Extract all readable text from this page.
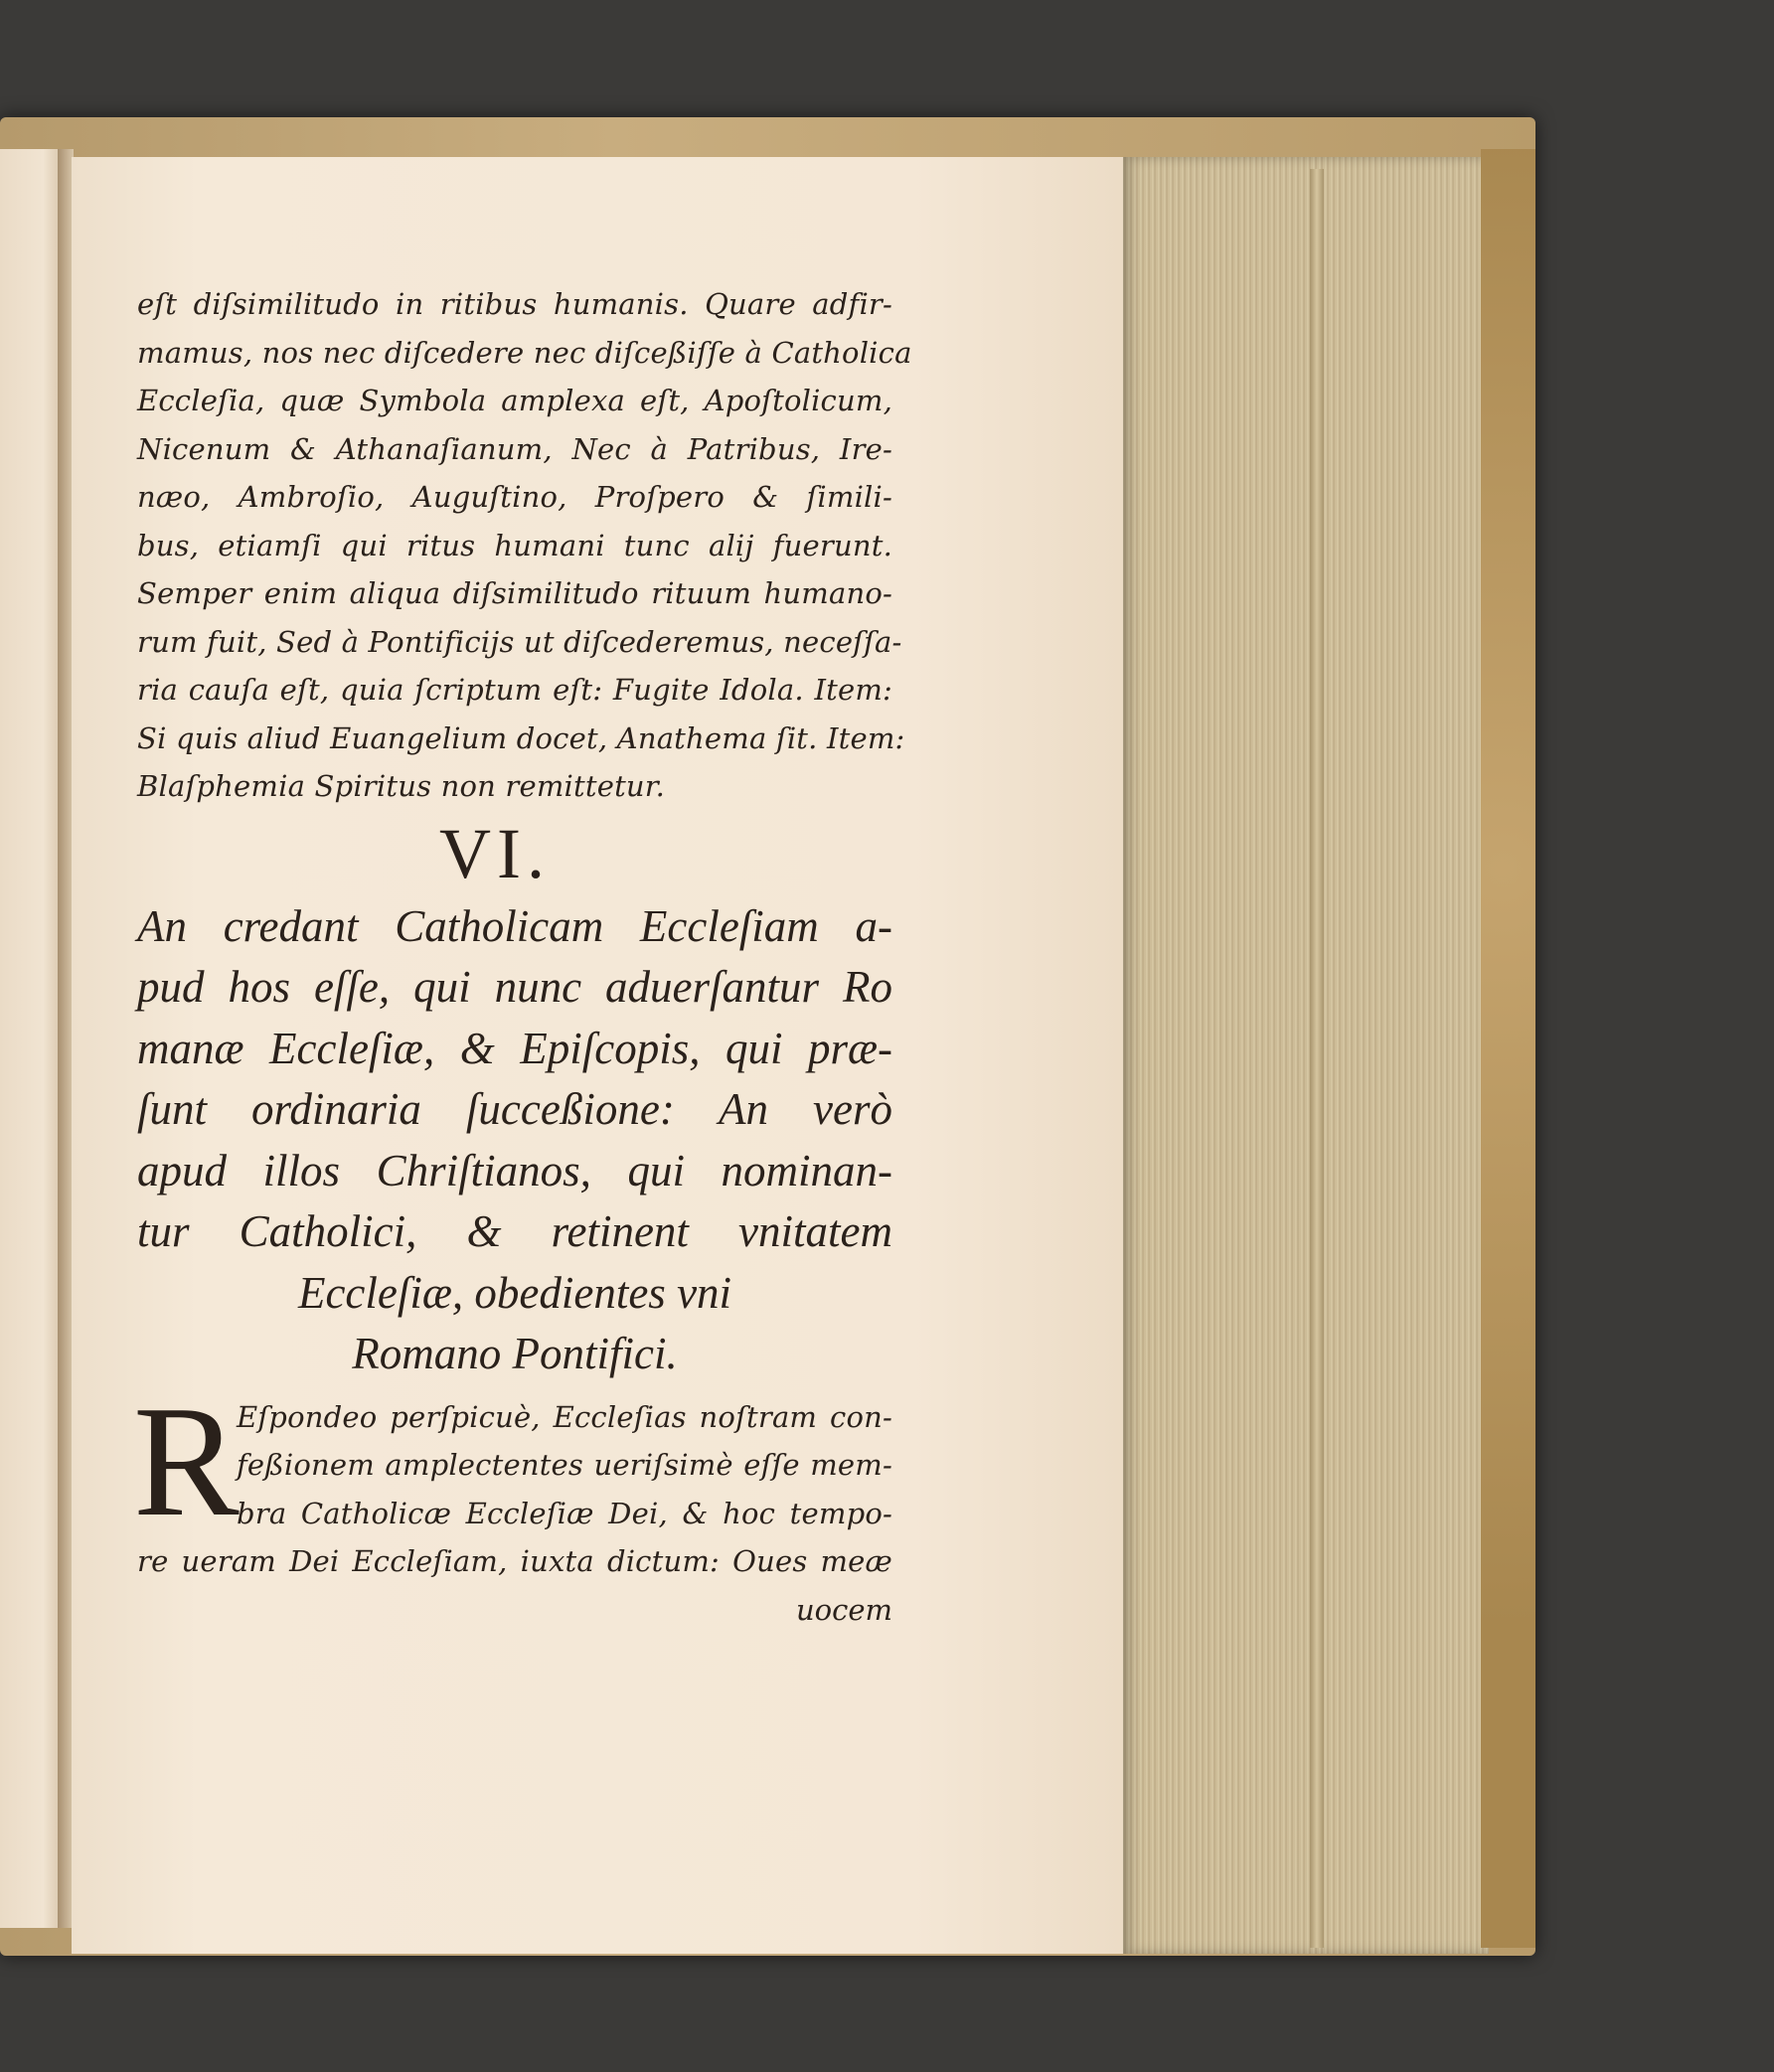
eſt diſsimilitudo in ritibus humanis. Quare adfir-
mamus, nos nec diſcedere nec diſceßiſſe à Catholica
Eccleſia, quæ Symbola amplexa eſt, Apoſtolicum,
Nicenum & Athanaſianum, Nec à Patribus, Ire-
næo, Ambroſio, Auguſtino, Proſpero & ſimili-
bus, etiamſi qui ritus humani tunc alij fuerunt.
Semper enim aliqua diſsimilitudo rituum humano-
rum fuit, Sed à Pontificijs ut diſcederemus, neceſſa-
ria cauſa eſt, quia ſcriptum eſt: Fugite Idola. Item:
Si quis aliud Euangelium docet, Anathema ſit. Item:
Blaſphemia Spiritus non remittetur.
VI.
An credant Catholicam Eccleſiam a-
pud hos eſſe, qui nunc aduerſantur Ro
manæ Eccleſiæ, & Epiſcopis, qui præ-
ſunt ordinaria ſucceßione: An verò
apud illos Chriſtianos, qui nominan-
tur Catholici, & retinent vnitatem
Eccleſiæ, obedientes vni
Romano Pontifici.
R
Eſpondeo perſpicuè, Eccleſias noſtram con-
feßionem amplectentes ueriſsimè eſſe mem-
bra Catholicæ Eccleſiæ Dei, & hoc tempo-
re ueram Dei Eccleſiam, iuxta dictum: Oues meæ
uocem
